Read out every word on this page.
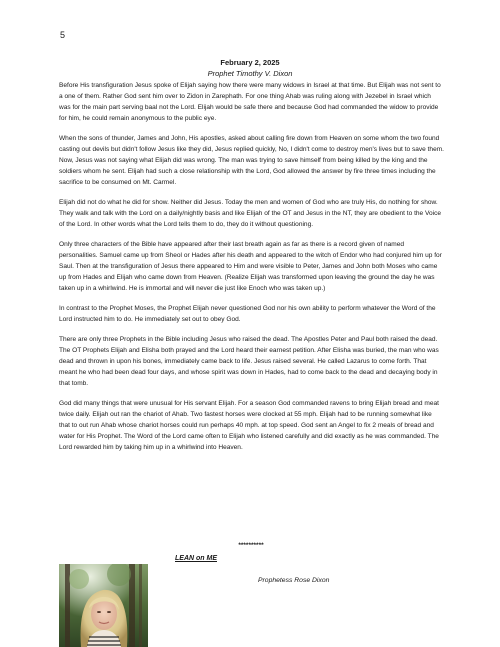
5
February 2, 2025
Prophet Timothy V. Dixon

Before His transfiguration Jesus spoke of Elijah saying how there were many widows in Israel at that time. But Elijah was not sent to a one of them. Rather God sent him over to Zidon in Zarephath. For one thing Ahab was ruling along with Jezebel in Israel which was for the main part serving baal not the Lord. Elijah would be safe there and because God had commanded the widow to provide for him, he could remain anonymous to the public eye.

When the sons of thunder, James and John, His apostles, asked about calling fire down from Heaven on some whom the two found casting out devils but didn't follow Jesus like they did, Jesus replied quickly, No, I didn't come to destroy men's lives but to save them. Now, Jesus was not saying what Elijah did was wrong. The man was trying to save himself from being killed by the king and the soldiers whom he sent. Elijah had such a close relationship with the Lord, God allowed the answer by fire three times including the sacrifice to be consumed on Mt. Carmel.

Elijah did not do what he did for show. Neither did Jesus. Today the men and women of God who are truly His, do nothing for show. They walk and talk with the Lord on a daily/nightly basis and like Elijah of the OT and Jesus in the NT, they are obedient to the Voice of the Lord. In other words what the Lord tells them to do, they do it without questioning.

Only three characters of the Bible have appeared after their last breath again as far as there is a record given of named personalities. Samuel came up from Sheol or Hades after his death and appeared to the witch of Endor who had conjured him up for Saul. Then at the transfiguration of Jesus there appeared to Him and were visible to Peter, James and John both Moses who came up from Hades and Elijah who came down from Heaven. (Realize Elijah was transformed upon leaving the ground the day he was taken up in a whirlwind. He is immortal and will never die just like Enoch who was taken up.)

In contrast to the Prophet Moses, the Prophet Elijah never questioned God nor his own ability to perform whatever the Word of the Lord instructed him to do. He immediately set out to obey God.

There are only three Prophets in the Bible including Jesus who raised the dead. The Apostles Peter and Paul both raised the dead. The OT Prophets Elijah and Elisha both prayed and the Lord heard their earnest petition. After Elisha was buried, the man who was dead and thrown in upon his bones, immediately came back to life. Jesus raised several. He called Lazarus to come forth. That meant he who had been dead four days, and whose spirit was down in Hades, had to come back to the dead and decaying body in that tomb.

God did many things that were unusual for His servant Elijah. For a season God commanded ravens to bring Elijah bread and meat twice daily. Elijah out ran the chariot of Ahab. Two fastest horses were clocked at 55 mph. Elijah had to be running somewhat like that to out run Ahab whose chariot horses could run perhaps 40 mph. at top speed. God sent an Angel to fix 2 meals of bread and water for His Prophet. The Word of the Lord came often to Elijah who listened carefully and did exactly as he was commanded. The Lord rewarded him by taking him up in a whirlwind into Heaven.

**********
LEAN on ME
Prophetess Rose Dixon
